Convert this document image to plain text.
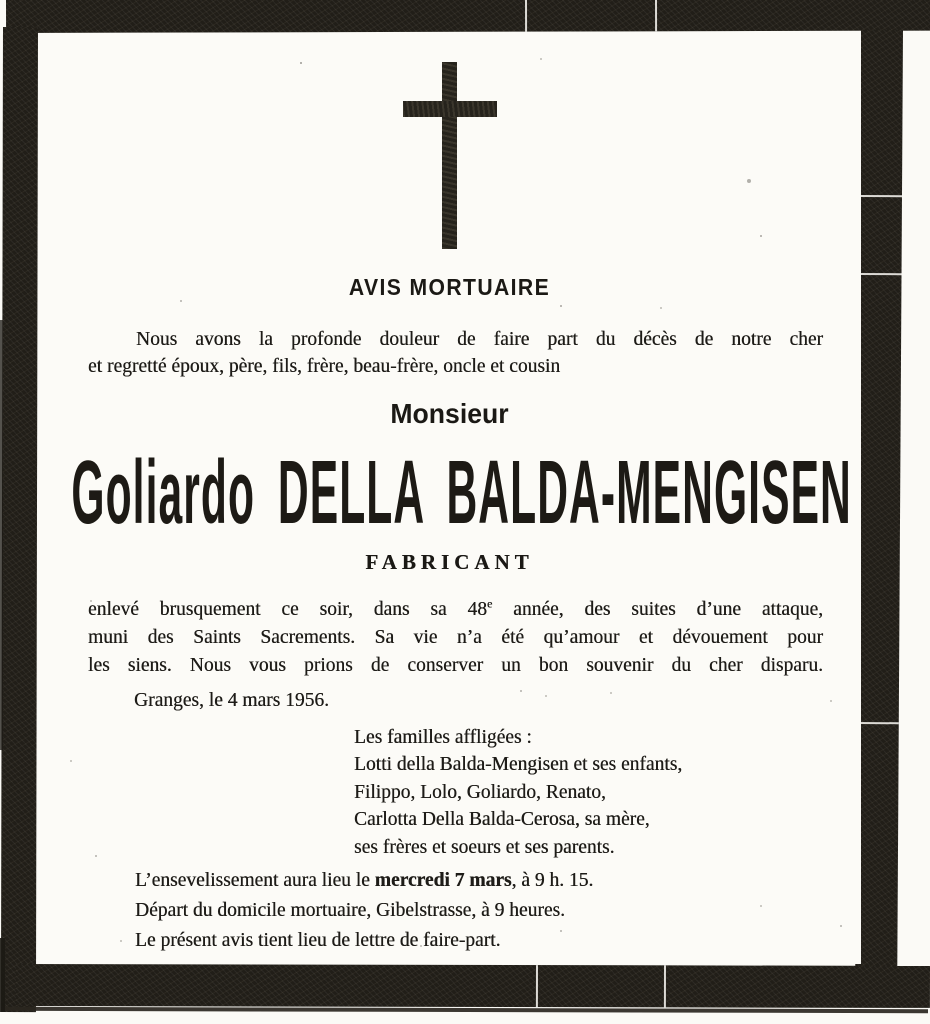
AVIS MORTUAIRE
Nous avons la profonde douleur de faire part du décès de notre cher
et regretté époux, père, fils, frère, beau-frère, oncle et cousin
Monsieur
Goliardo DELLA BALDA-MENGISEN
FABRICANT
enlevé brusquement ce soir, dans sa 48e année, des suites d’une attaque,
muni des Saints Sacrements. Sa vie n’a été qu’amour et dévouement pour
les siens. Nous vous prions de conserver un bon souvenir du cher disparu.
Granges, le 4 mars 1956.
Les familles affligées :
Lotti della Balda-Mengisen et ses enfants,
Filippo, Lolo, Goliardo, Renato,
Carlotta Della Balda-Cerosa, sa mère,
ses frères et soeurs et ses parents.
L’ensevelissement aura lieu le mercredi 7 mars, à 9 h. 15.
Départ du domicile mortuaire, Gibelstrasse, à 9 heures.
Le présent avis tient lieu de lettre de faire-part.
